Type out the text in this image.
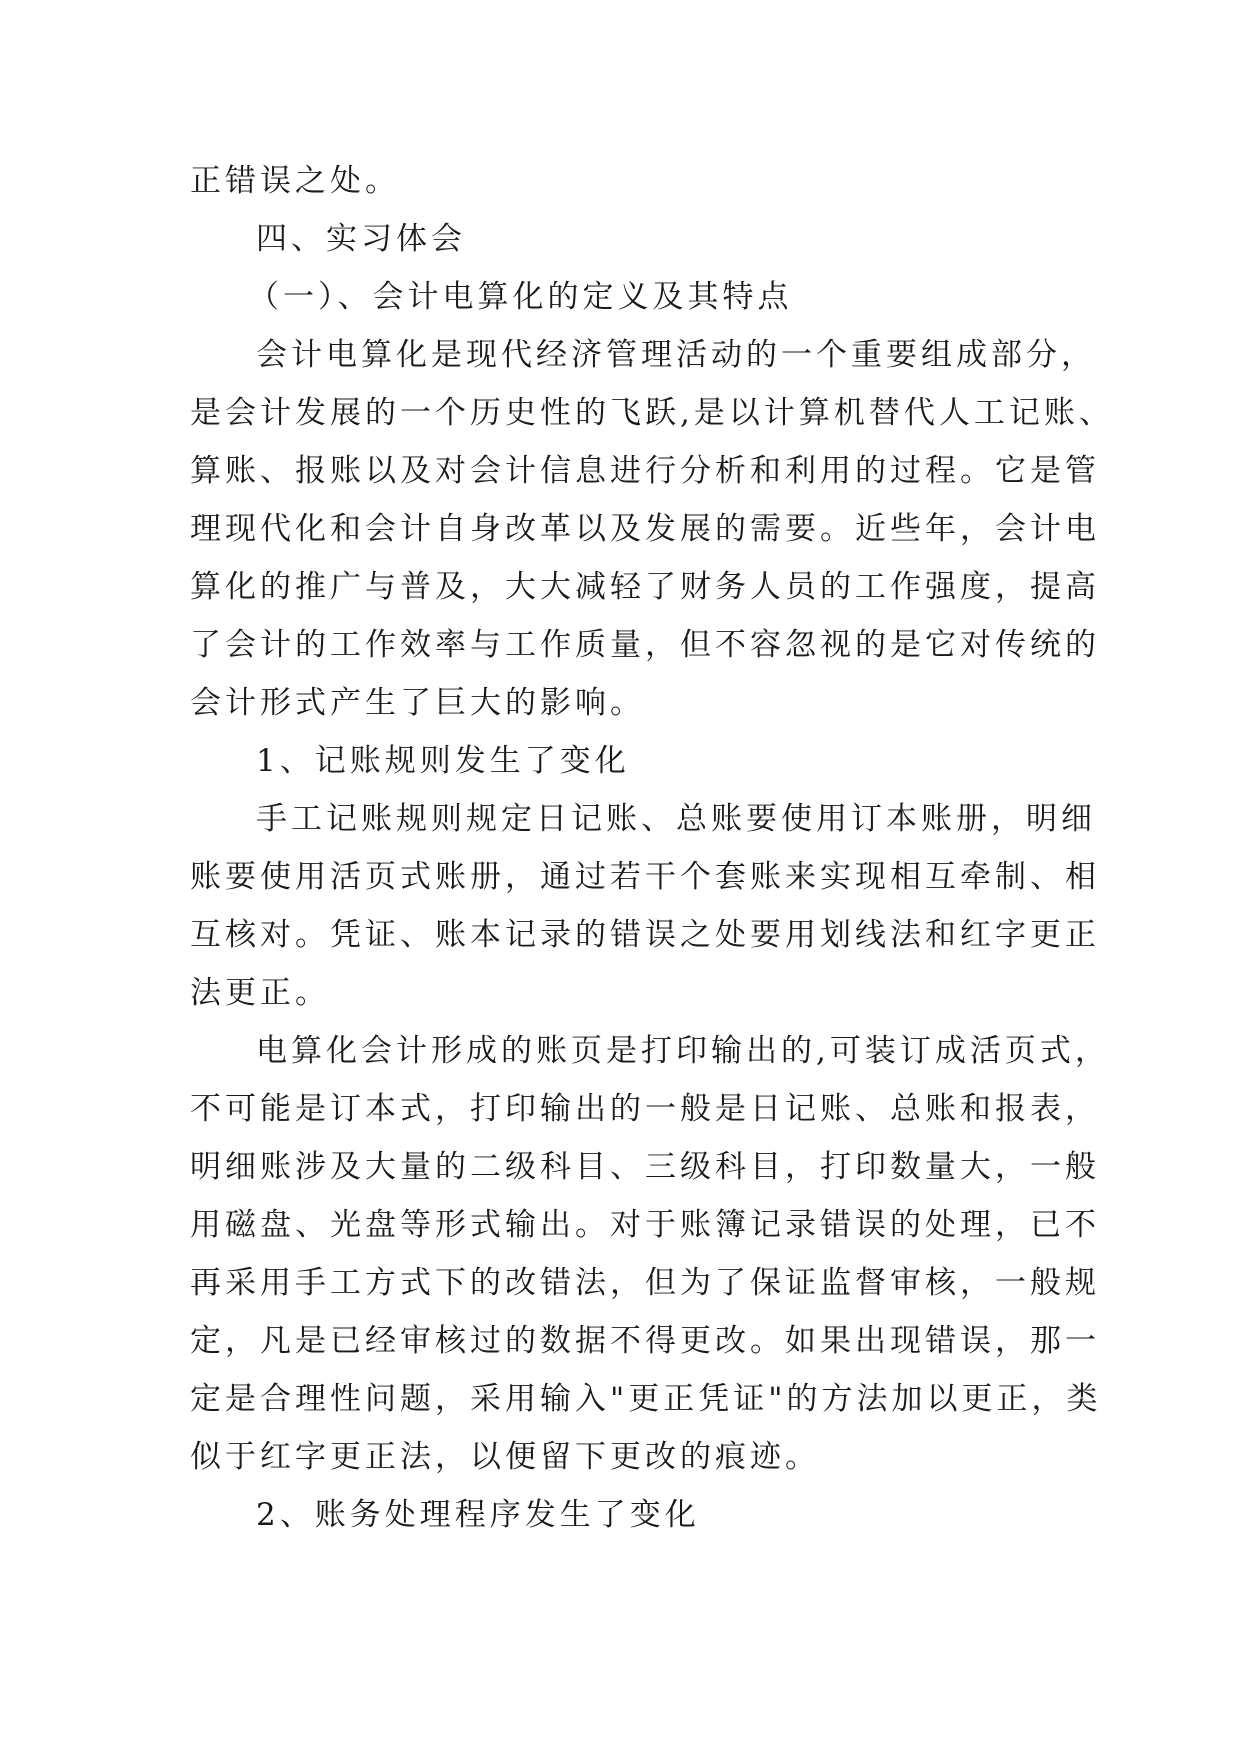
正错误之处。
四、实习体会
（一）、会计电算化的定义及其特点
会计电算化是现代经济管理活动的一个重要组成部分，
是会计发展的一个历史性的飞跃,是以计算机替代人工记账、
算账、报账以及对会计信息进行分析和利用的过程。它是管
理现代化和会计自身改革以及发展的需要。近些年，会计电
算化的推广与普及，大大减轻了财务人员的工作强度，提高
了会计的工作效率与工作质量，但不容忽视的是它对传统的
会计形式产生了巨大的影响。
1、记账规则发生了变化
手工记账规则规定日记账、总账要使用订本账册，明细
账要使用活页式账册，通过若干个套账来实现相互牵制、相
互核对。凭证、账本记录的错误之处要用划线法和红字更正
法更正。
电算化会计形成的账页是打印输出的,可装订成活页式，
不可能是订本式，打印输出的一般是日记账、总账和报表，
明细账涉及大量的二级科目、三级科目，打印数量大，一般
用磁盘、光盘等形式输出。对于账簿记录错误的处理，已不
再采用手工方式下的改错法，但为了保证监督审核，一般规
定，凡是已经审核过的数据不得更改。如果出现错误，那一
定是合理性问题，采用输入"更正凭证"的方法加以更正，类
似于红字更正法，以便留下更改的痕迹。
2、账务处理程序发生了变化
